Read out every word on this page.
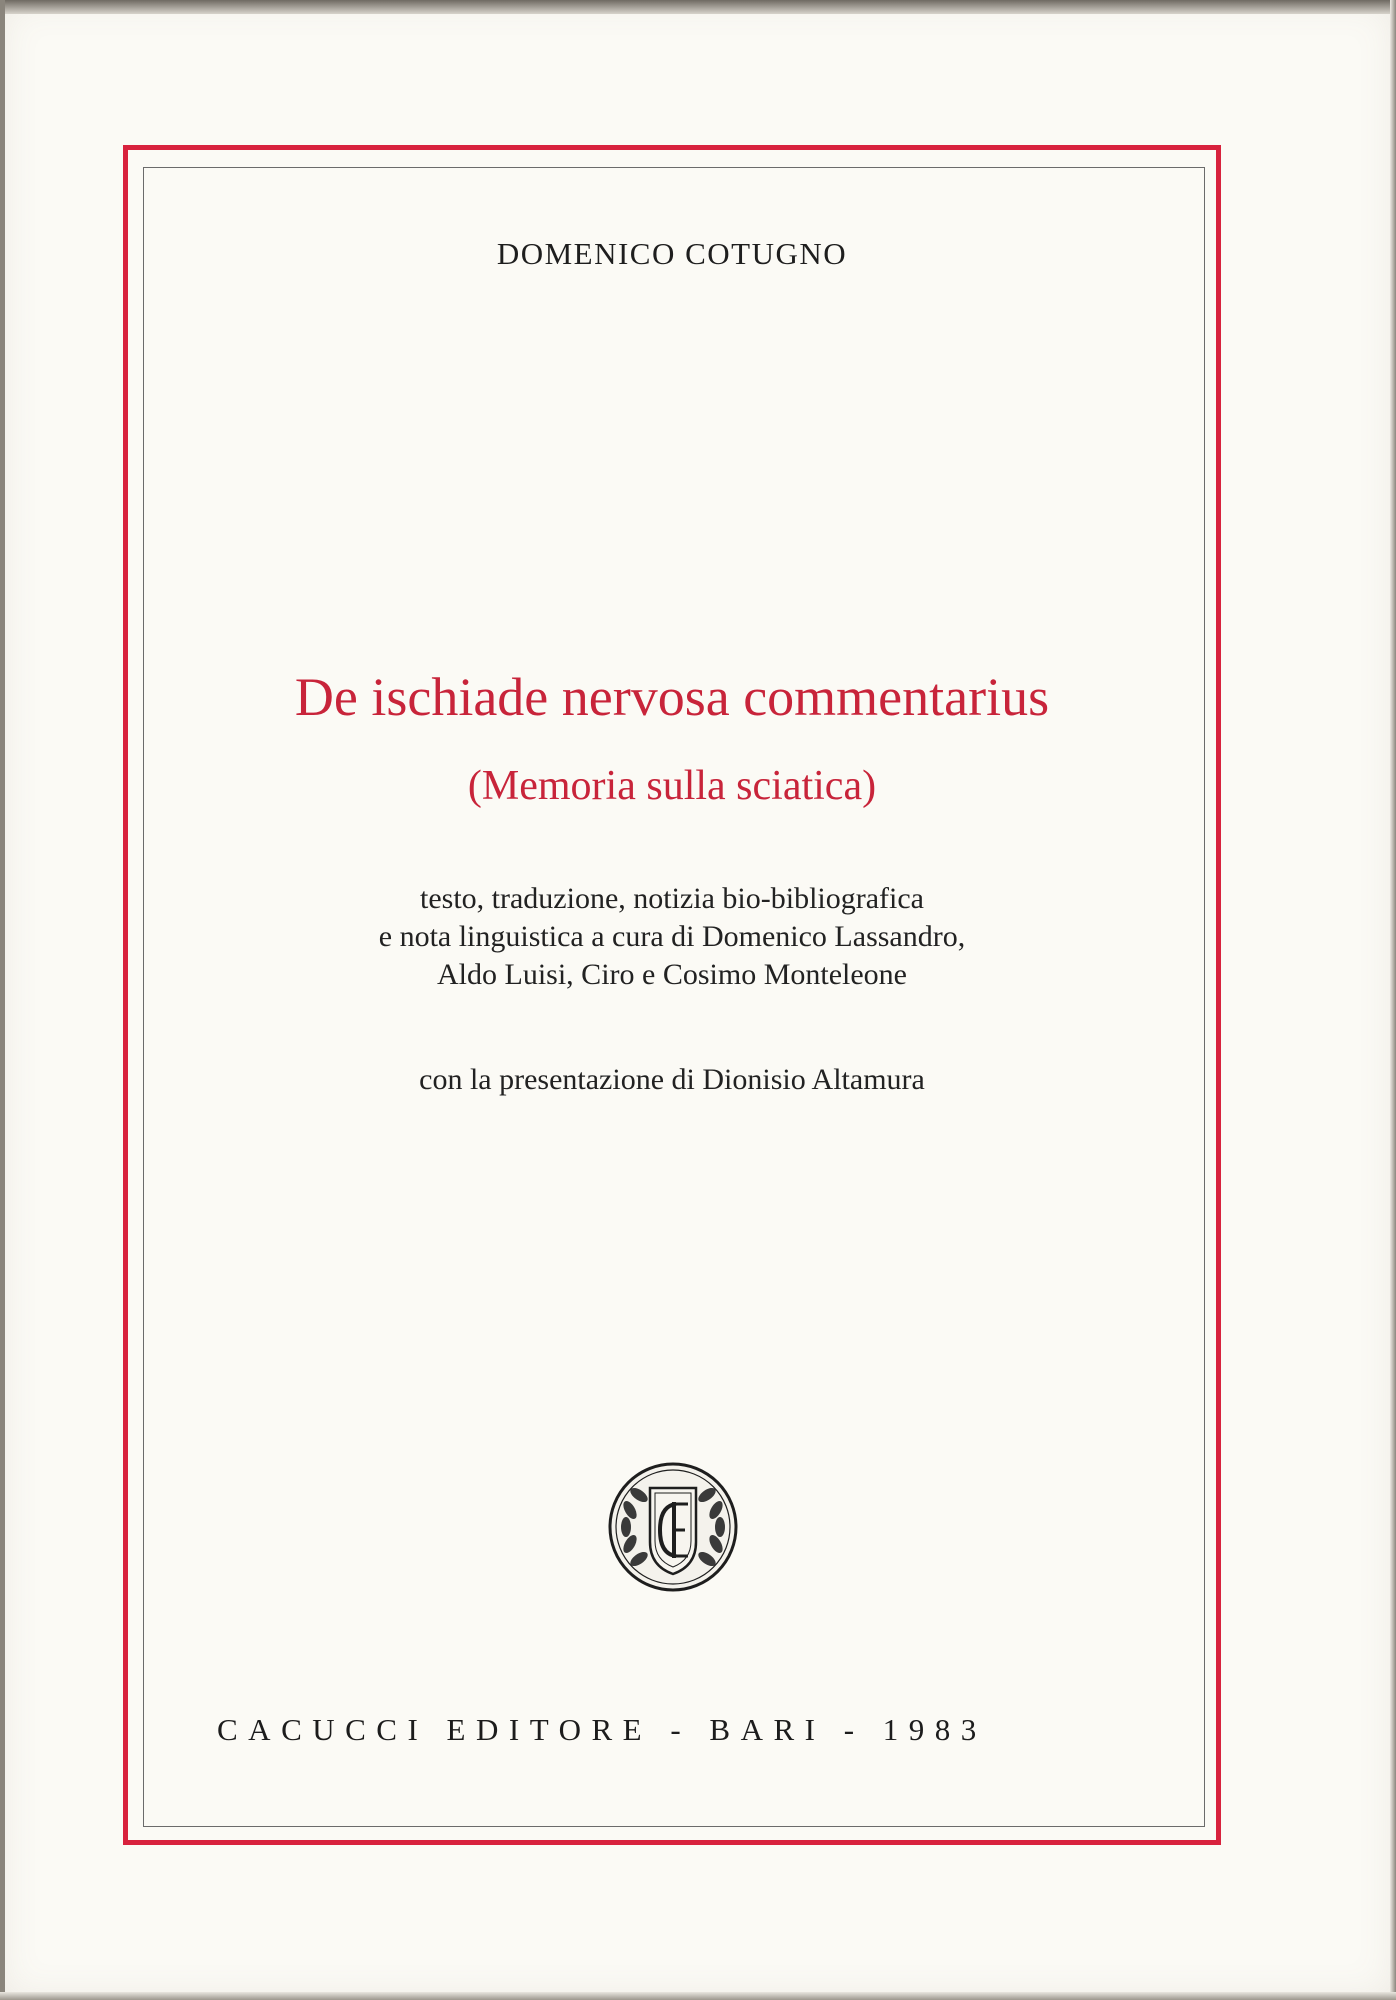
DOMENICO COTUGNO

De ischiade nervosa commentarius

(Memoria sulla sciatica)

testo, traduzione, notizia bio-bibliografica
e nota linguistica a cura di Domenico Lassandro,
Aldo Luisi, Ciro e Cosimo Monteleone

con la presentazione di Dionisio Altamura

CACUCCI EDITORE - BARI - 1983
